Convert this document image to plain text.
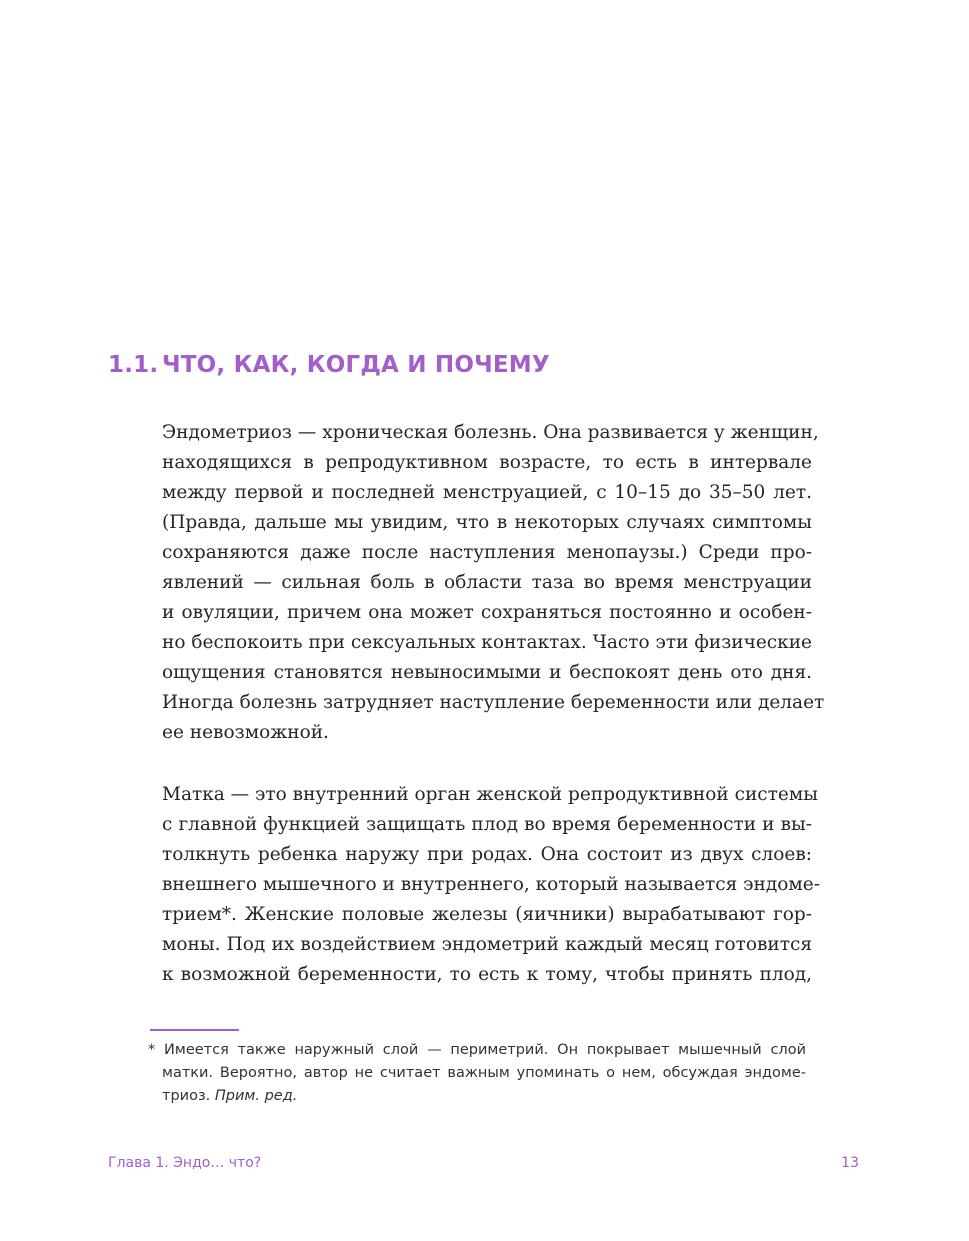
1.1. ЧТО, КАК, КОГДА И ПОЧЕМУ
Эндометриоз — хроническая болезнь. Она развивается у женщин,
находящихся в репродуктивном возрасте, то есть в интервале
между первой и последней менструацией, с 10–15 до 35–50 лет.
(Правда, дальше мы увидим, что в некоторых случаях симптомы
сохраняются даже после наступления менопаузы.) Среди про-
явлений — сильная боль в области таза во время менструации
и овуляции, причем она может сохраняться постоянно и особен-
но беспокоить при сексуальных контактах. Часто эти физические
ощущения становятся невыносимыми и беспокоят день ото дня.
Иногда болезнь затрудняет наступление беременности или делает
ее невозможной.
Матка — это внутренний орган женской репродуктивной системы
с главной функцией защищать плод во время беременности и вы-
толкнуть ребенка наружу при родах. Она состоит из двух слоев:
внешнего мышечного и внутреннего, который называется эндоме-
трием*. Женские половые железы (яичники) вырабатывают гор-
моны. Под их воздействием эндометрий каждый месяц готовится
к возможной беременности, то есть к тому, чтобы принять плод,
* Имеется также наружный слой — периметрий. Он покрывает мышечный слой
матки. Вероятно, автор не считает важным упоминать о нем, обсуждая эндоме-
триоз. Прим. ред.
Глава 1. Эндо… что?	13
